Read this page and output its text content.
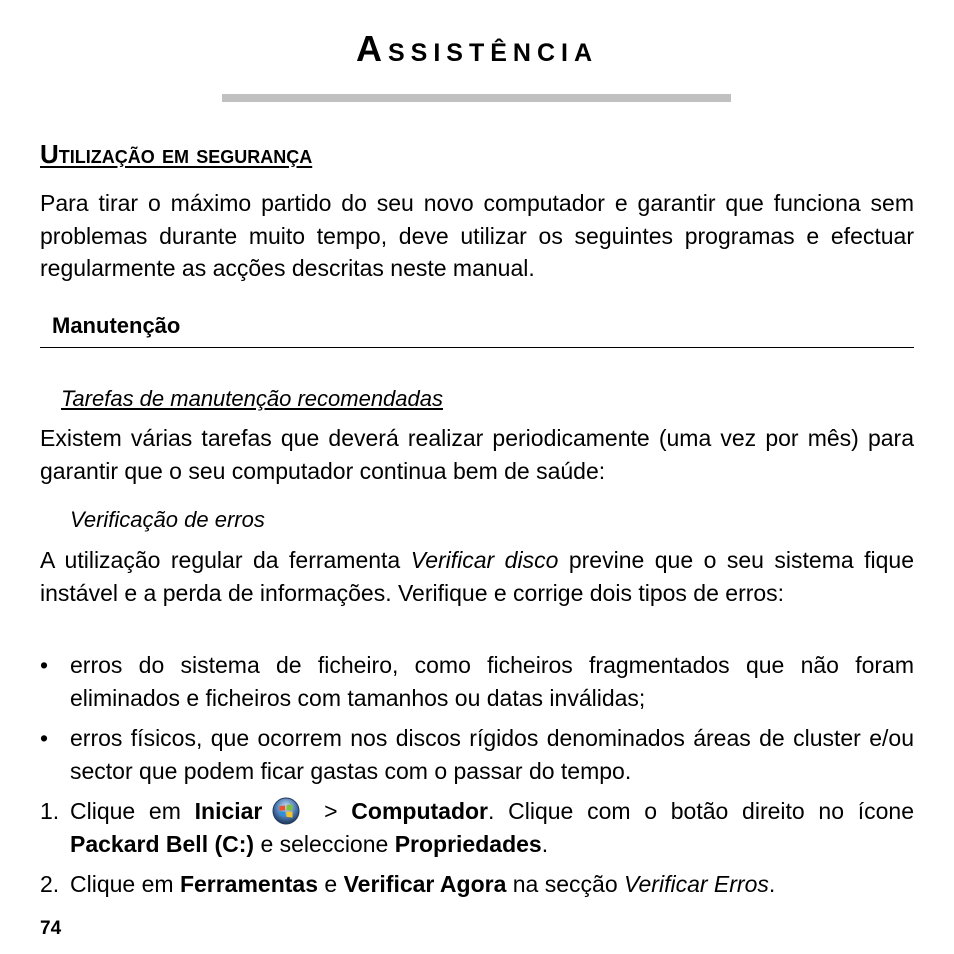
Assistência
Utilização em segurança
Para tirar o máximo partido do seu novo computador e garantir que funciona sem problemas durante muito tempo, deve utilizar os seguintes programas e efectuar regularmente as acções descritas neste manual.
Manutenção
Tarefas de manutenção recomendadas
Existem várias tarefas que deverá realizar periodicamente (uma vez por mês) para garantir que o seu computador continua bem de saúde:
Verificação de erros
A utilização regular da ferramenta Verificar disco previne que o seu sistema fique instável e a perda de informações. Verifique e corrige dois tipos de erros:
• erros do sistema de ficheiro, como ficheiros fragmentados que não foram eliminados e ficheiros com tamanhos ou datas inválidas;
• erros físicos, que ocorrem nos discos rígidos denominados áreas de cluster e/ou sector que podem ficar gastas com o passar do tempo.
1. Clique em Iniciar > Computador. Clique com o botão direito no ícone Packard Bell (C:) e seleccione Propriedades.
2. Clique em Ferramentas e Verificar Agora na secção Verificar Erros.
74
